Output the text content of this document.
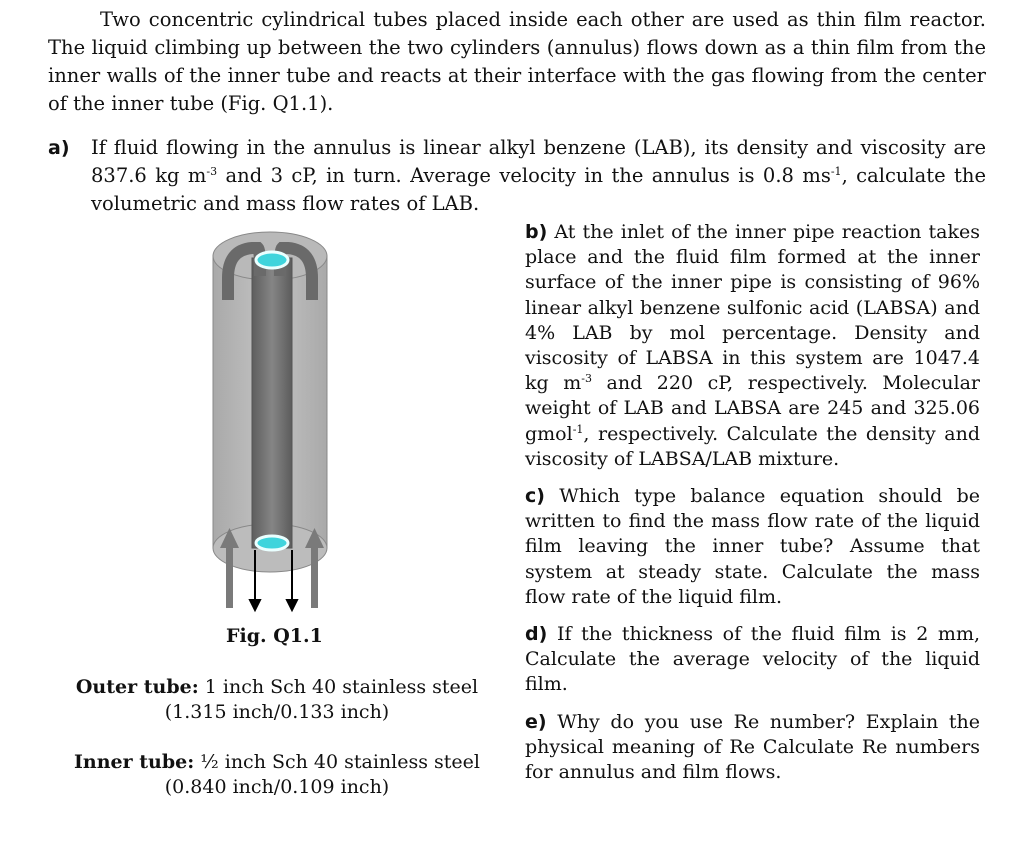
Two concentric cylindrical tubes placed inside each other are used as thin film reactor. The liquid climbing up between the two cylinders (annulus) flows down as a thin film from the inner walls of the inner tube and reacts at their interface with the gas flowing from the center of the inner tube (Fig. Q1.1).
a) If fluid flowing in the annulus is linear alkyl benzene (LAB), its density and viscosity are 837.6 kg $m^{-3}$ and 3 cP, in turn. Average velocity in the annulus is 0.8 $ms^{-1}$, calculate the volumetric and mass flow rates of LAB.
Fig. Q1.1
Outer tube: 1 inch Sch 40 stainless steel
(1.315 inch/0.133 inch)
Inner tube: ½ inch Sch 40 stainless steel
(0.840 inch/0.109 inch)

b) At the inlet of the inner pipe reaction takes place and the fluid film formed at the inner surface of the inner pipe is consisting of 96% linear alkyl benzene sulfonic acid (LABSA) and 4% LAB by mol percentage. Density and viscosity of LABSA in this system are 1047.4 kg $m^{-3}$ and 220 cP, respectively. Molecular weight of LAB and LABSA are 245 and 325.06 gmol$^{-1}$, respectively. Calculate the density and viscosity of LABSA/LAB mixture.

c) Which type balance equation should be written to find the mass flow rate of the liquid film leaving the inner tube? Assume that system at steady state. Calculate the mass flow rate of the liquid film.

d) If the thickness of the fluid film is 2 mm, Calculate the average velocity of the liquid film.

e) Why do you use Re number? Explain the physical meaning of Re Calculate Re numbers for annulus and film flows.
